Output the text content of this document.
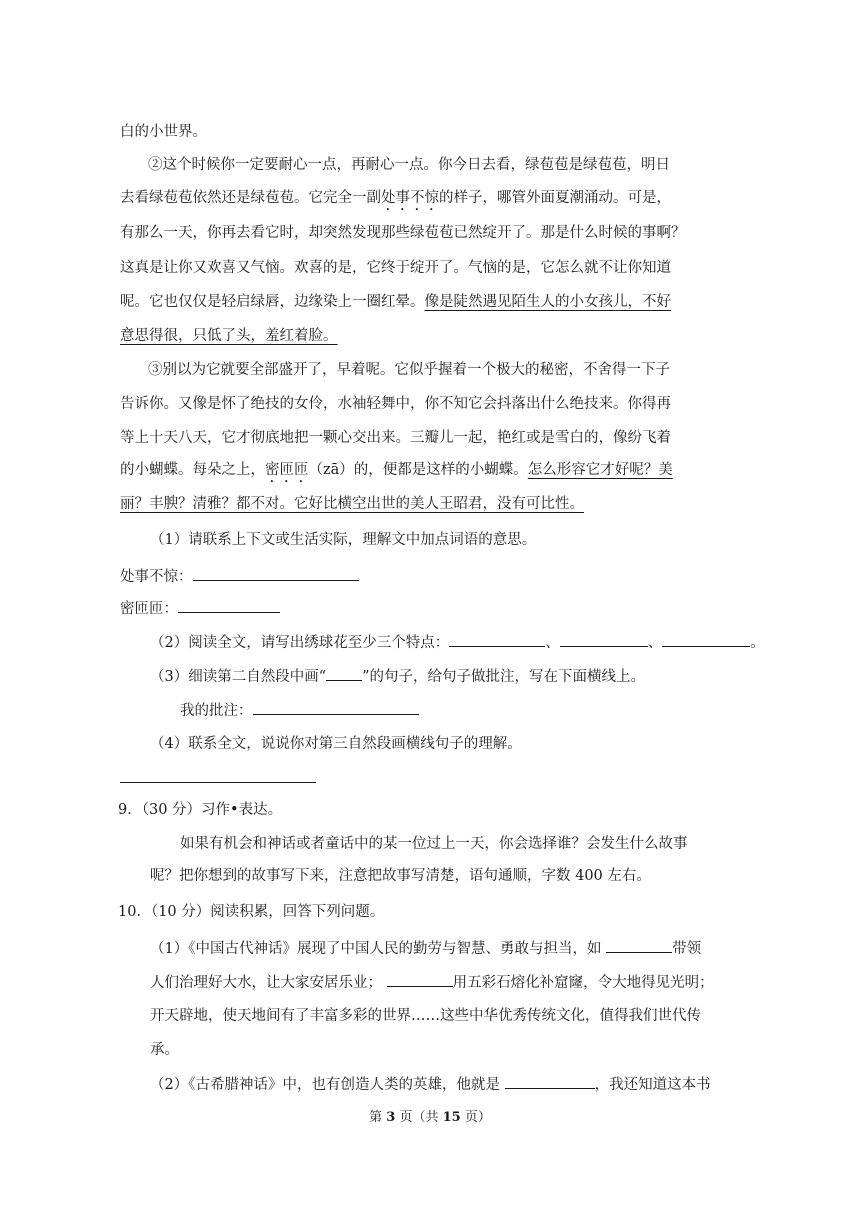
白的小世界。
②这个时候你一定要耐心一点，再耐心一点。你今日去看，绿苞苞是绿苞苞，明日
去看绿苞苞依然还是绿苞苞。它完全一副处事不惊的样子，哪管外面夏潮涌动。可是，
有那么一天，你再去看它时，却突然发现那些绿苞苞已然绽开了。那是什么时候的事啊？
这真是让你又欢喜又气恼。欢喜的是，它终于绽开了。气恼的是，它怎么就不让你知道
呢。它也仅仅是轻启绿唇，边缘染上一圈红晕。像是陡然遇见陌生人的小女孩儿，不好
意思得很，只低了头，羞红着脸。
③别以为它就要全部盛开了，早着呢。它似乎握着一个极大的秘密，不舍得一下子
告诉你。又像是怀了绝技的女伶，水袖轻舞中，你不知它会抖落出什么绝技来。你得再
等上十天八天，它才彻底地把一颗心交出来。三瓣儿一起，艳红或是雪白的，像纷飞着
的小蝴蝶。每朵之上，密匝匝（zā）的，便都是这样的小蝴蝶。怎么形容它才好呢？美
丽？丰腴？清雅？都不对。它好比横空出世的美人王昭君，没有可比性。
（1）请联系上下文或生活实际，理解文中加点词语的意思。
处事不惊：
密匝匝：
（2）阅读全文，请写出绣球花至少三个特点：	、	、	。
（3）细读第二自然段中画“ ”的句子，给句子做批注，写在下面横线上。
我的批注：
（4）联系全文，说说你对第三自然段画横线句子的理解。
9．（30 分）习作•表达。
如果有机会和神话或者童话中的某一位过上一天，你会选择谁？会发生什么故事
呢？把你想到的故事写下来，注意把故事写清楚，语句通顺，字数 400 左右。
10．（10 分）阅读积累，回答下列问题。
（1）《中国古代神话》展现了中国人民的勤劳与智慧、勇敢与担当，如	带领
人们治理好大水，让大家安居乐业；	用五彩石熔化补窟窿，令大地得见光明；
开天辟地，使天地间有了丰富多彩的世界……这些中华优秀传统文化，值得我们世代传
承。
（2）《古希腊神话》中，也有创造人类的英雄，他就是	，我还知道这本书
第 3 页（共 15 页）
